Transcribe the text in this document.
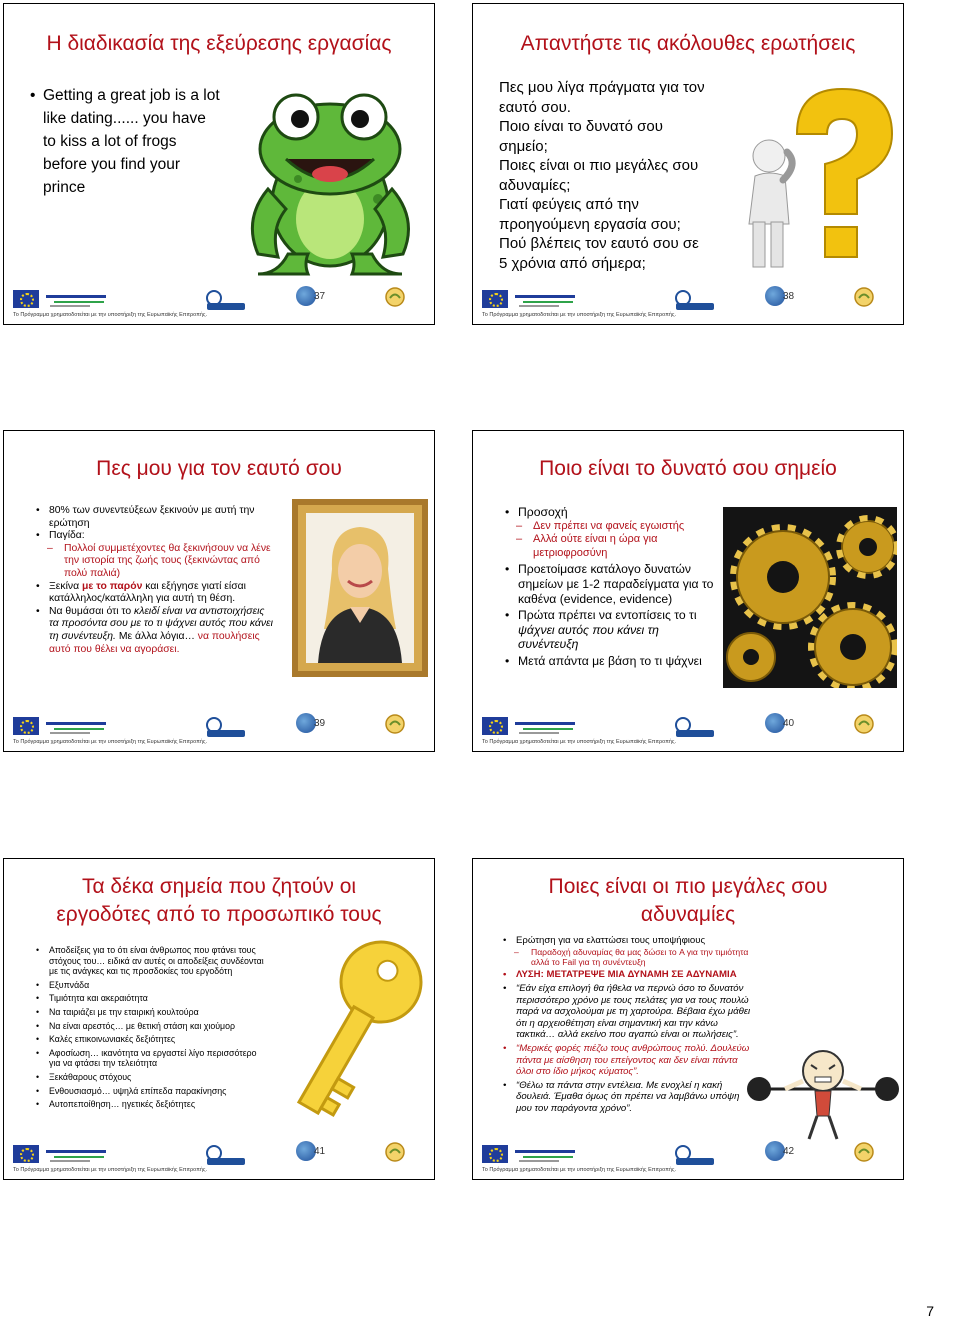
Η διαδικασία της εξεύρεσης εργασίας
• Getting a great job is a lot like dating...... you have to kiss a lot of frogs before you find your prince
37
Το Πρόγραμμα χρηματοδοτείται με την υποστήριξη της Ευρωπαϊκής Επιτροπής.
Απαντήστε τις ακόλουθες ερωτήσεις
Πες μου λίγα πράγματα για τον εαυτό σου.
Ποιο είναι το δυνατό σου σημείο;
Ποιες είναι οι πιο μεγάλες σου αδυναμίες;
Γιατί φεύγεις από την προηγούμενη εργασία σου;
Πού βλέπεις τον εαυτό σου σε 5 χρόνια από σήμερα;
38
Το Πρόγραμμα χρηματοδοτείται με την υποστήριξη της Ευρωπαϊκής Επιτροπής.
Πες μου για τον εαυτό σου
• 80% των συνεντεύξεων ξεκινούν με αυτή την ερώτηση
• Παγίδα:
– Πολλοί συμμετέχοντες θα ξεκινήσουν να λένε την ιστορία της ζωής τους (ξεκινώντας από πολύ παλιά)
• Ξεκίνα με το παρόν και εξήγησε γιατί είσαι κατάλληλος/κατάλληλη για αυτή τη θέση.
• Να θυμάσαι ότι το κλειδί είναι να αντιστοιχήσεις τα προσόντα σου με το τι ψάχνει αυτός που κάνει τη συνέντευξη. Με άλλα λόγια… να πουλήσεις αυτό που θέλει να αγοράσει.
39
Το Πρόγραμμα χρηματοδοτείται με την υποστήριξη της Ευρωπαϊκής Επιτροπής.
Ποιο είναι το δυνατό σου σημείο
• Προσοχή
– Δεν πρέπει να φανείς εγωιστής
– Αλλά ούτε είναι η ώρα για μετριοφροσύνη
• Προετοίμασε κατάλογο δυνατών σημείων με 1-2 παραδείγματα για το καθένα (evidence, evidence)
• Πρώτα πρέπει να εντοπίσεις το τι ψάχνει αυτός που κάνει τη συνέντευξη
• Μετά απάντα με βάση το τι ψάχνει
40
Το Πρόγραμμα χρηματοδοτείται με την υποστήριξη της Ευρωπαϊκής Επιτροπής.
Τα δέκα σημεία που ζητούν οι εργοδότες από το προσωπικό τους
• Αποδείξεις για το ότι είναι άνθρωπος που φτάνει τους στόχους του… ειδικά αν αυτές οι αποδείξεις συνδέονται με τις ανάγκες και τις προσδοκίες του εργοδότη
• Εξυπνάδα
• Τιμιότητα και ακεραιότητα
• Να ταιριάζει με την εταιρική κουλτούρα
• Να είναι αρεστός… με θετική στάση και χιούμορ
• Καλές επικοινωνιακές δεξιότητες
• Αφοσίωση… ικανότητα να εργαστεί λίγο περισσότερο για να φτάσει την τελειότητα
• Ξεκάθαρους στόχους
• Ενθουσιασμό… υψηλά επίπεδα παρακίνησης
• Αυτοπεποίθηση… ηγετικές δεξιότητες
41
Το Πρόγραμμα χρηματοδοτείται με την υποστήριξη της Ευρωπαϊκής Επιτροπής.
Ποιες είναι οι πιο μεγάλες σου αδυναμίες
• Ερώτηση για να ελαττώσει τους υποψήφιους
– Παραδοχή αδυναμίας θα μας δώσει το A για την τιμιότητα αλλά το Fail για τη συνέντευξη
• ΛΥΣΗ: ΜΕΤΑΤΡΕΨΕ ΜΙΑ ΔΥΝΑΜΗ ΣΕ ΑΔΥΝΑΜΙΑ
• “Εάν είχα επιλογή θα ήθελα να περνώ όσο το δυνατόν περισσότερο χρόνο με τους πελάτες για να τους πουλώ παρά να ασχολούμαι με τη χαρτούρα. Βέβαια έχω μάθει ότι η αρχειοθέτηση είναι σημαντική και την κάνω τακτικά… αλλά εκείνο που αγαπώ είναι οι πωλήσεις”.
• “Μερικές φορές πιέζω τους ανθρώπους πολύ. Δουλεύω πάντα με αίσθηση του επείγοντος και δεν είναι πάντα όλοι στο ίδιο μήκος κύματος”.
• “Θέλω τα πάντα στην εντέλεια. Με ενοχλεί η κακή δουλειά. Έμαθα όμως ότι πρέπει να λαμβάνω υπόψη μου τον παράγοντα χρόνο”.
42
Το Πρόγραμμα χρηματοδοτείται με την υποστήριξη της Ευρωπαϊκής Επιτροπής.
7
